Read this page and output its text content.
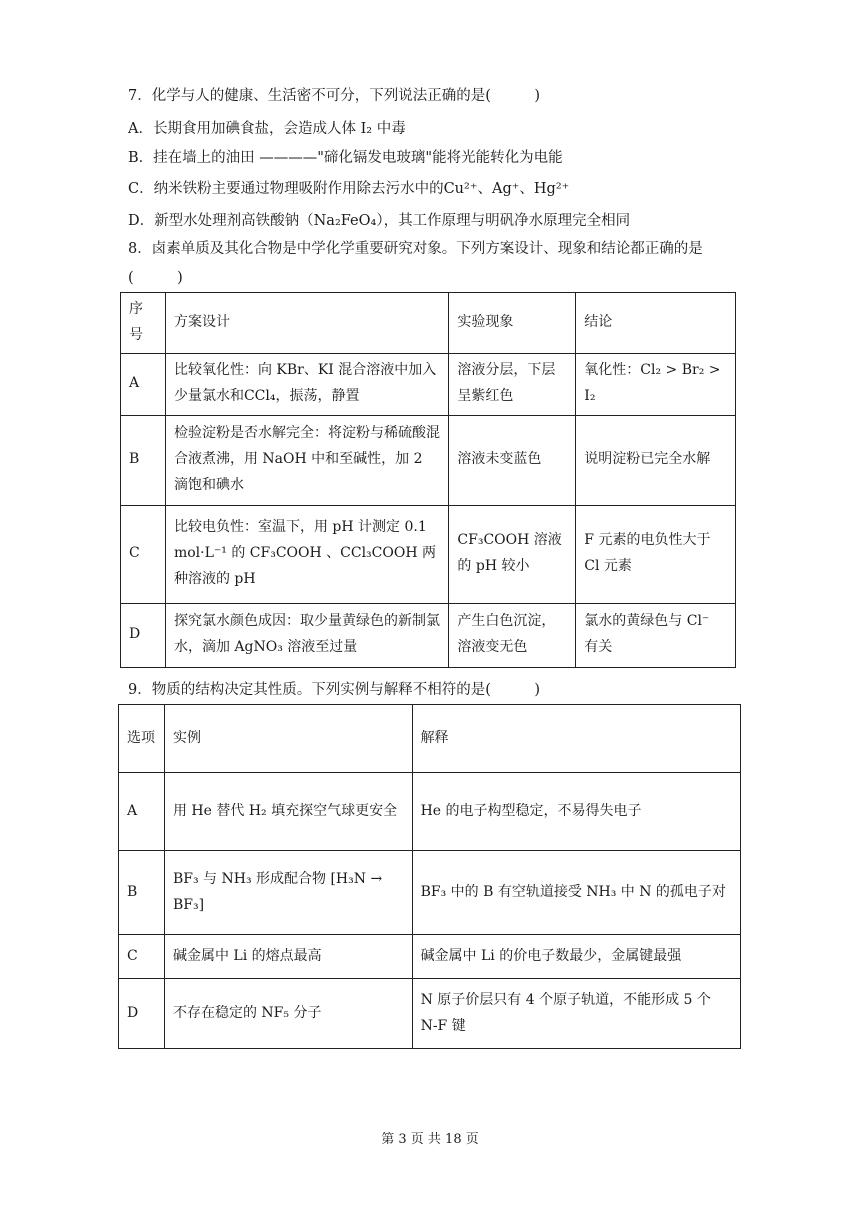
7．化学与人的健康、生活密不可分，下列说法正确的是(　　　)
A．长期食用加碘食盐，会造成人体 I₂ 中毒
B．挂在墙上的油田 ————"碲化镉发电玻璃"能将光能转化为电能
C．纳米铁粉主要通过物理吸附作用除去污水中的Cu²⁺、Ag⁺、Hg²⁺
D．新型水处理剂高铁酸钠（Na₂FeO₄），其工作原理与明矾净水原理完全相同
8．卤素单质及其化合物是中学化学重要研究对象。下列方案设计、现象和结论都正确的是
(　　　)
序号	方案设计	实验现象	结论
A	比较氧化性：向 KBr、KI 混合溶液中加入少量氯水和CCl₄，振荡，静置	溶液分层，下层呈紫红色	氧化性：Cl₂ > Br₂ > I₂
B	检验淀粉是否水解完全：将淀粉与稀硫酸混合液煮沸，用 NaOH 中和至碱性，加 2 滴饱和碘水	溶液未变蓝色	说明淀粉已完全水解
C	比较电负性：室温下，用 pH 计测定 0.1 mol·L⁻¹ 的 CF₃COOH 、CCl₃COOH 两种溶液的 pH	CF₃COOH 溶液的 pH 较小	F 元素的电负性大于 Cl 元素
D	探究氯水颜色成因：取少量黄绿色的新制氯水，滴加 AgNO₃ 溶液至过量	产生白色沉淀，溶液变无色	氯水的黄绿色与 Cl⁻ 有关
9．物质的结构决定其性质。下列实例与解释不相符的是(　　　)
选项	实例	解释
A	用 He 替代 H₂ 填充探空气球更安全	He 的电子构型稳定，不易得失电子
B	BF₃ 与 NH₃ 形成配合物 [H₃N → BF₃]	BF₃ 中的 B 有空轨道接受 NH₃ 中 N 的孤电子对
C	碱金属中 Li 的熔点最高	碱金属中 Li 的价电子数最少，金属键最强
D	不存在稳定的 NF₅ 分子	N 原子价层只有 4 个原子轨道，不能形成 5 个 N-F 键
第 3 页 共 18 页
